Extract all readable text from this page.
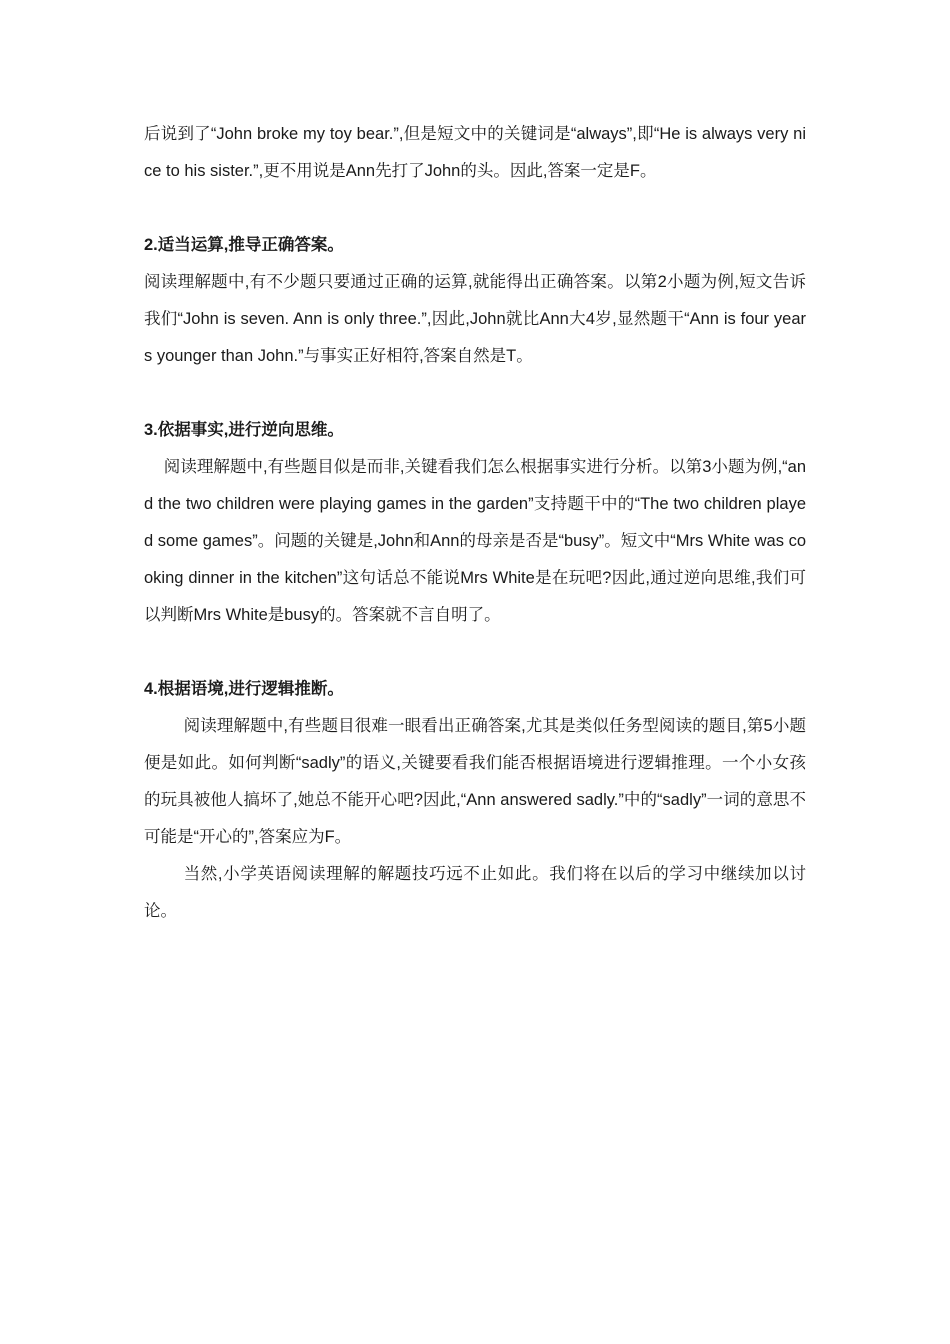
后说到了“John broke my toy bear.”,但是短文中的关键词是“always”,即“He is always very nice to his sister.”,更不用说是Ann先打了John的头。因此,答案一定是F。

2.适当运算,推导正确答案。

阅读理解题中,有不少题只要通过正确的运算,就能得出正确答案。以第2小题为例,短文告诉我们“John is seven. Ann is only three.”,因此,John就比Ann大4岁,显然题干“Ann is four years younger than John.”与事实正好相符,答案自然是T。

3.依据事实,进行逆向思维。

阅读理解题中,有些题目似是而非,关键看我们怎么根据事实进行分析。以第3小题为例,“and the two children were playing games in the garden”支持题干中的“The two children played some games”。问题的关键是,John和Ann的母亲是否是“busy”。短文中“Mrs White was cooking dinner in the kitchen”这句话总不能说Mrs White是在玩吧?因此,通过逆向思维,我们可以判断Mrs White是busy的。答案就不言自明了。

4.根据语境,进行逻辑推断。

阅读理解题中,有些题目很难一眼看出正确答案,尤其是类似任务型阅读的题目,第5小题便是如此。如何判断“sadly”的语义,关键要看我们能否根据语境进行逻辑推理。一个小女孩的玩具被他人搞坏了,她总不能开心吧?因此,“Ann answered sadly.”中的“sadly”一词的意思不可能是“开心的”,答案应为F。

当然,小学英语阅读理解的解题技巧远不止如此。我们将在以后的学习中继续加以讨论。
